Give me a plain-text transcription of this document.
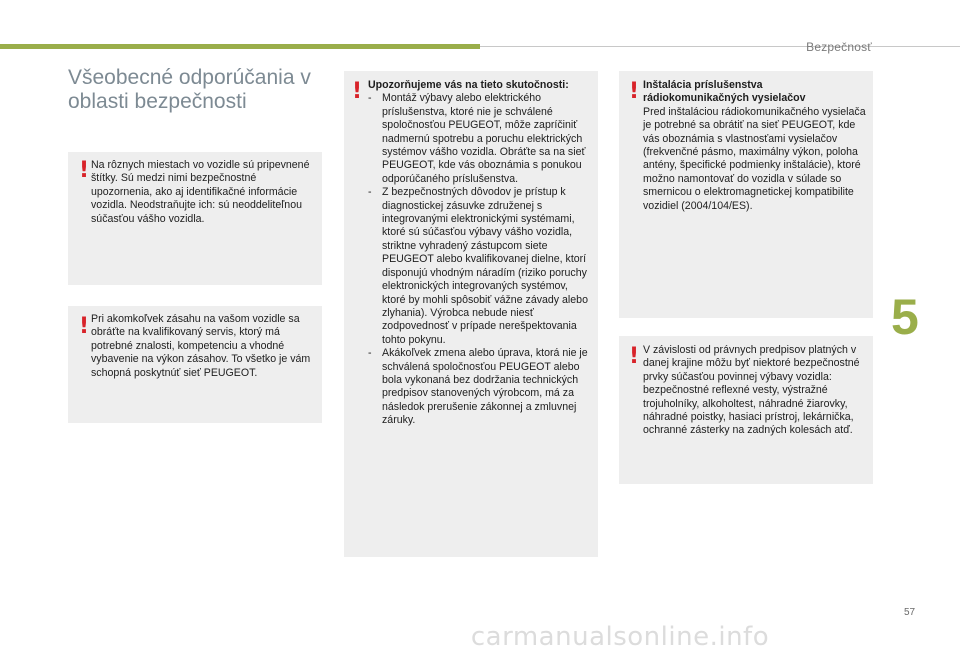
Bezpečnosť
Všeobecné odporúčania v oblasti bezpečnosti
! Na rôznych miestach vo vozidle sú pripevnené štítky. Sú medzi nimi bezpečnostné upozornenia, ako aj identifikačné informácie vozidla. Neodstraňujte ich: sú neoddeliteľnou súčasťou vášho vozidla.
! Pri akomkoľvek zásahu na vašom vozidle sa obráťte na kvalifikovaný servis, ktorý má potrebné znalosti, kompetenciu a vhodné vybavenie na výkon zásahov. To všetko je vám schopná poskytnúť sieť PEUGEOT.
! Upozorňujeme vás na tieto skutočnosti:

- Montáž výbavy alebo elektrického príslušenstva, ktoré nie je schválené spoločnosťou PEUGEOT, môže zapríčiniť nadmernú spotrebu a poruchu elektrických systémov vášho vozidla. Obráťte sa na sieť PEUGEOT, kde vás oboznámia s ponukou odporúčaného príslušenstva.
- Z bezpečnostných dôvodov je prístup k diagnostickej zásuvke združenej s integrovanými elektronickými systémami, ktoré sú súčasťou výbavy vášho vozidla, striktne vyhradený zástupcom siete PEUGEOT alebo kvalifikovanej dielne, ktorí disponujú vhodným náradím (riziko poruchy elektronických integrovaných systémov, ktoré by mohli spôsobiť vážne závady alebo zlyhania). Výrobca nebude niesť zodpovednosť v prípade nerešpektovania tohto pokynu.
- Akákoľvek zmena alebo úprava, ktorá nie je schválená spoločnosťou PEUGEOT alebo bola vykonaná bez dodržania technických predpisov stanovených výrobcom, má za následok prerušenie zákonnej a zmluvnej záruky.
! Inštalácia príslušenstva rádiokomunikačných vysielačov

Pred inštaláciou rádiokomunikačného vysielača je potrebné sa obrátiť na sieť PEUGEOT, kde vás oboznámia s vlastnosťami vysielačov (frekvenčné pásmo, maximálny výkon, poloha antény, špecifické podmienky inštalácie), ktoré možno namontovať do vozidla v súlade so smernicou o elektromagnetickej kompatibilite vozidiel (2004/104/ES).

! V závislosti od právnych predpisov platných v danej krajine môžu byť niektoré bezpečnostné prvky súčasťou povinnej výbavy vozidla: bezpečnostné reflexné vesty, výstražné trojuholníky, alkoholtest, náhradné žiarovky, náhradné poistky, hasiaci prístroj, lekárnička, ochranné zásterky na zadných kolesách atď.
5
57
carmanualsonline.info
